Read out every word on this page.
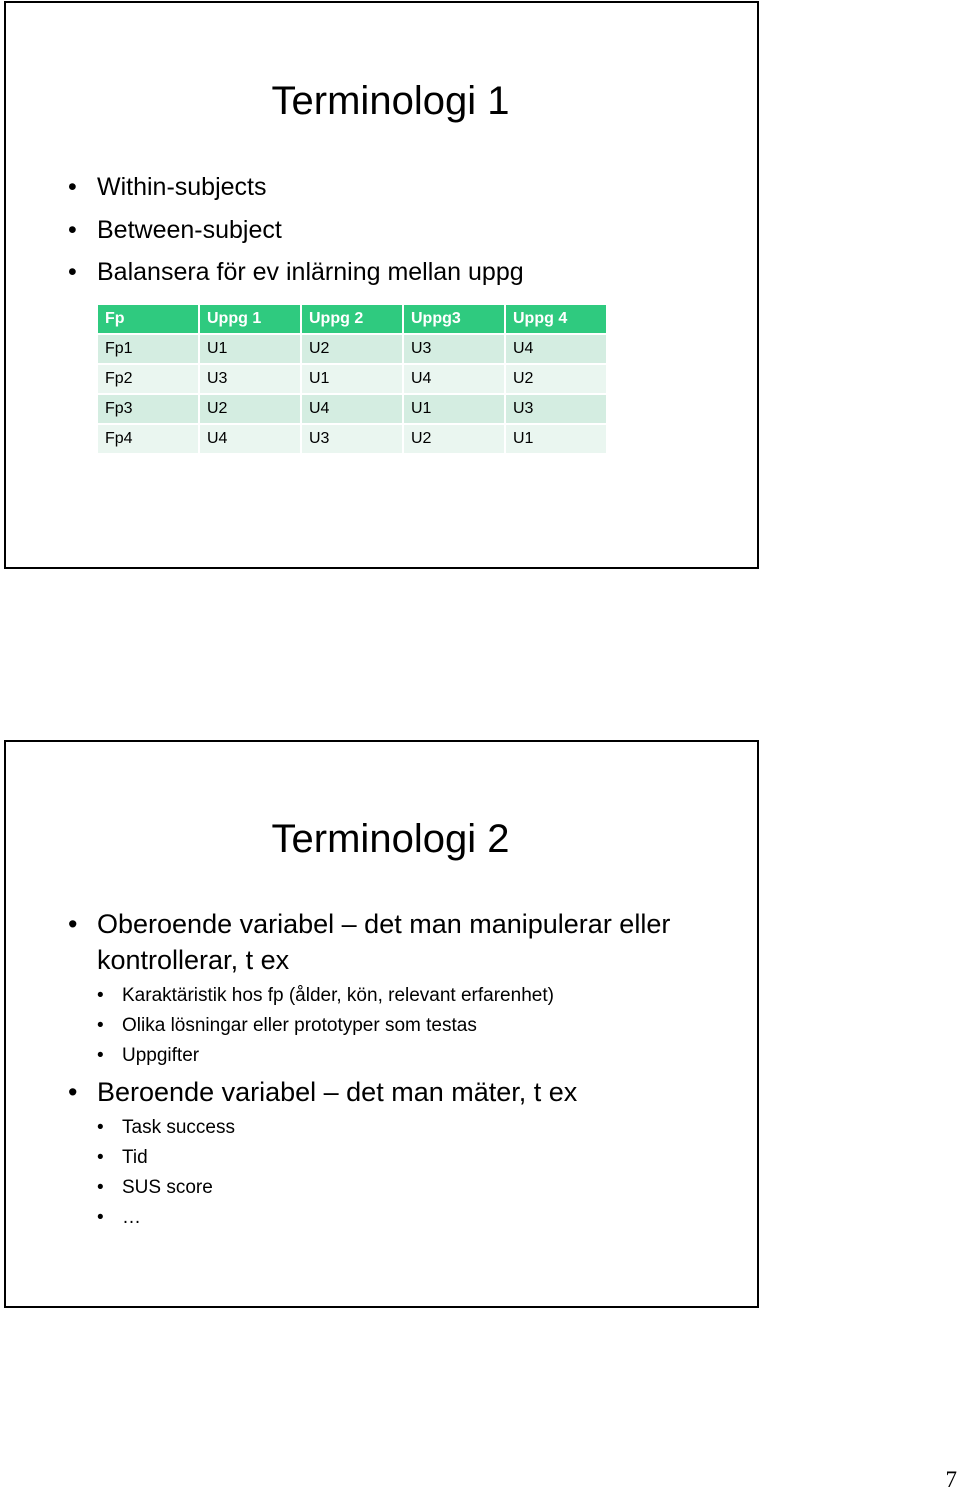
Terminologi 1
• Within-subjects
• Between-subject
• Balansera för ev inlärning mellan uppg
Fp	Uppg 1	Uppg 2	Uppg3	Uppg 4
Fp1	U1	U2	U3	U4
Fp2	U3	U1	U4	U2
Fp3	U2	U4	U1	U3
Fp4	U4	U3	U2	U1
Terminologi 2
• Oberoende variabel – det man manipulerar eller kontrollerar, t ex
• Karaktäristik hos fp (ålder, kön, relevant erfarenhet)
• Olika lösningar eller prototyper som testas
• Uppgifter
• Beroende variabel – det man mäter, t ex
• Task success
• Tid
• SUS score
• …
7
